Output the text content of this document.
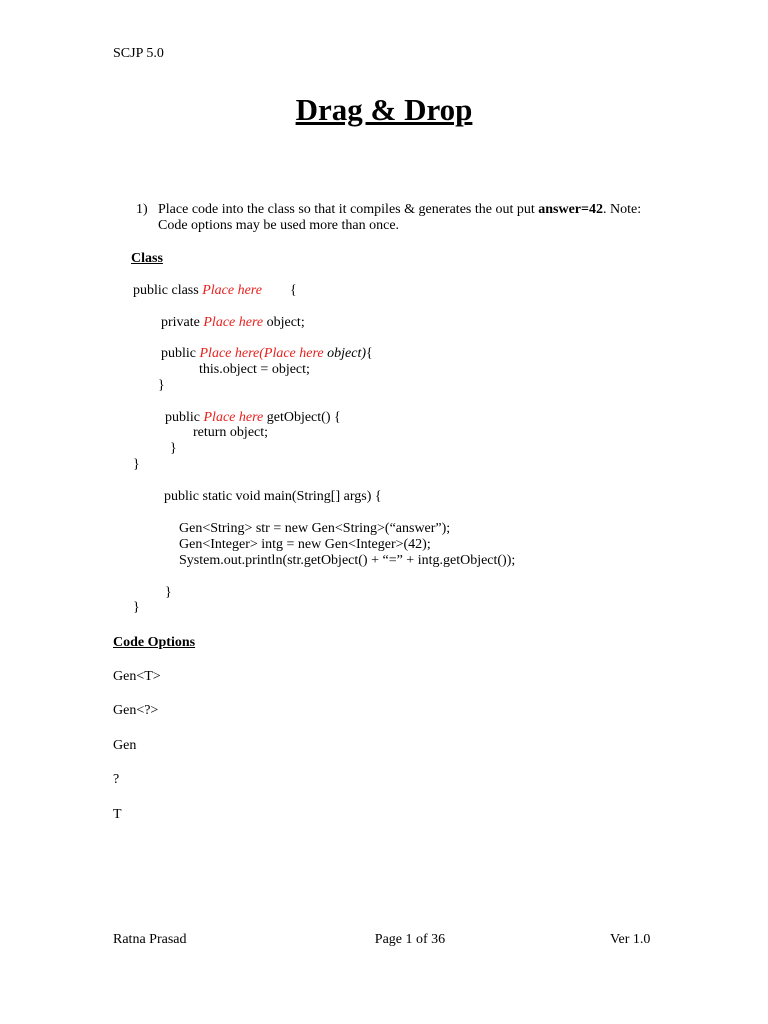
SCJP 5.0
Drag & Drop
1) Place code into the class so that it compiles & generates the out put answer=42. Note:
Code options may be used more than once.
Class
public class Place here {
private Place here object;
public Place here(Place here object){
this.object = object;
}
public Place here getObject() {
return object;
}
}
public static void main(String[] args) {
Gen<String> str = new Gen<String>(“answer”);
Gen<Integer> intg = new Gen<Integer>(42);
System.out.println(str.getObject() + “=” + intg.getObject());
}
}
Code Options
Gen<T>
Gen<?>
Gen
?
T
Ratna Prasad	Page 1 of 36	Ver 1.0
